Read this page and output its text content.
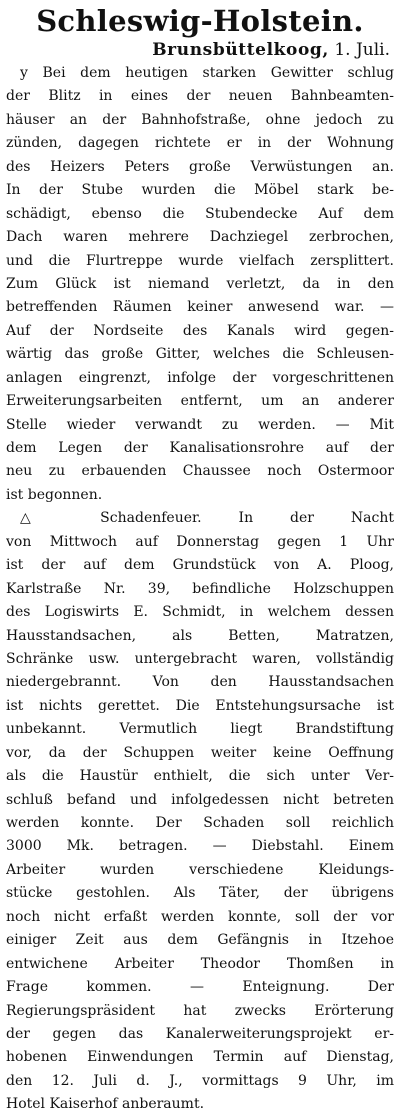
Schleswig-Holstein.
Brunsbüttelkoog, 1. Juli.
y Bei dem heutigen starken Gewitter schlug
der Blitz in eines der neuen Bahnbeamten-
häuser an der Bahnhofstraße, ohne jedoch zu
zünden, dagegen richtete er in der Wohnung
des Heizers Peters große Verwüstungen an.
In der Stube wurden die Möbel stark be-
schädigt, ebenso die Stubendecke Auf dem
Dach waren mehrere Dachziegel zerbrochen,
und die Flurtreppe wurde vielfach zersplittert.
Zum Glück ist niemand verletzt, da in den
betreffenden Räumen keiner anwesend war. —
Auf der Nordseite des Kanals wird gegen-
wärtig das große Gitter, welches die Schleusen-
anlagen eingrenzt, infolge der vorgeschrittenen
Erweiterungsarbeiten entfernt, um an anderer
Stelle wieder verwandt zu werden. — Mit
dem Legen der Kanalisationsrohre auf der
neu zu erbauenden Chaussee noch Ostermoor
ist begonnen.
△ Schadenfeuer. In der Nacht
von Mittwoch auf Donnerstag gegen 1 Uhr
ist der auf dem Grundstück von A. Ploog,
Karlstraße Nr. 39, befindliche Holzschuppen
des Logiswirts E. Schmidt, in welchem dessen
Hausstandsachen, als Betten, Matratzen,
Schränke usw. untergebracht waren, vollständig
niedergebrannt. Von den Hausstandsachen
ist nichts gerettet. Die Entstehungsursache ist
unbekannt. Vermutlich liegt Brandstiftung
vor, da der Schuppen weiter keine Oeffnung
als die Haustür enthielt, die sich unter Ver-
schluß befand und infolgedessen nicht betreten
werden konnte. Der Schaden soll reichlich
3000 Mk. betragen. — Diebstahl. Einem
Arbeiter wurden verschiedene Kleidungs-
stücke gestohlen. Als Täter, der übrigens
noch nicht erfaßt werden konnte, soll der vor
einiger Zeit aus dem Gefängnis in Itzehoe
entwichene Arbeiter Theodor Thomßen in
Frage kommen. — Enteignung. Der
Regierungspräsident hat zwecks Erörterung
der gegen das Kanalerweiterungsprojekt er-
hobenen Einwendungen Termin auf Dienstag,
den 12. Juli d. J., vormittags 9 Uhr, im
Hotel Kaiserhof anberaumt.
